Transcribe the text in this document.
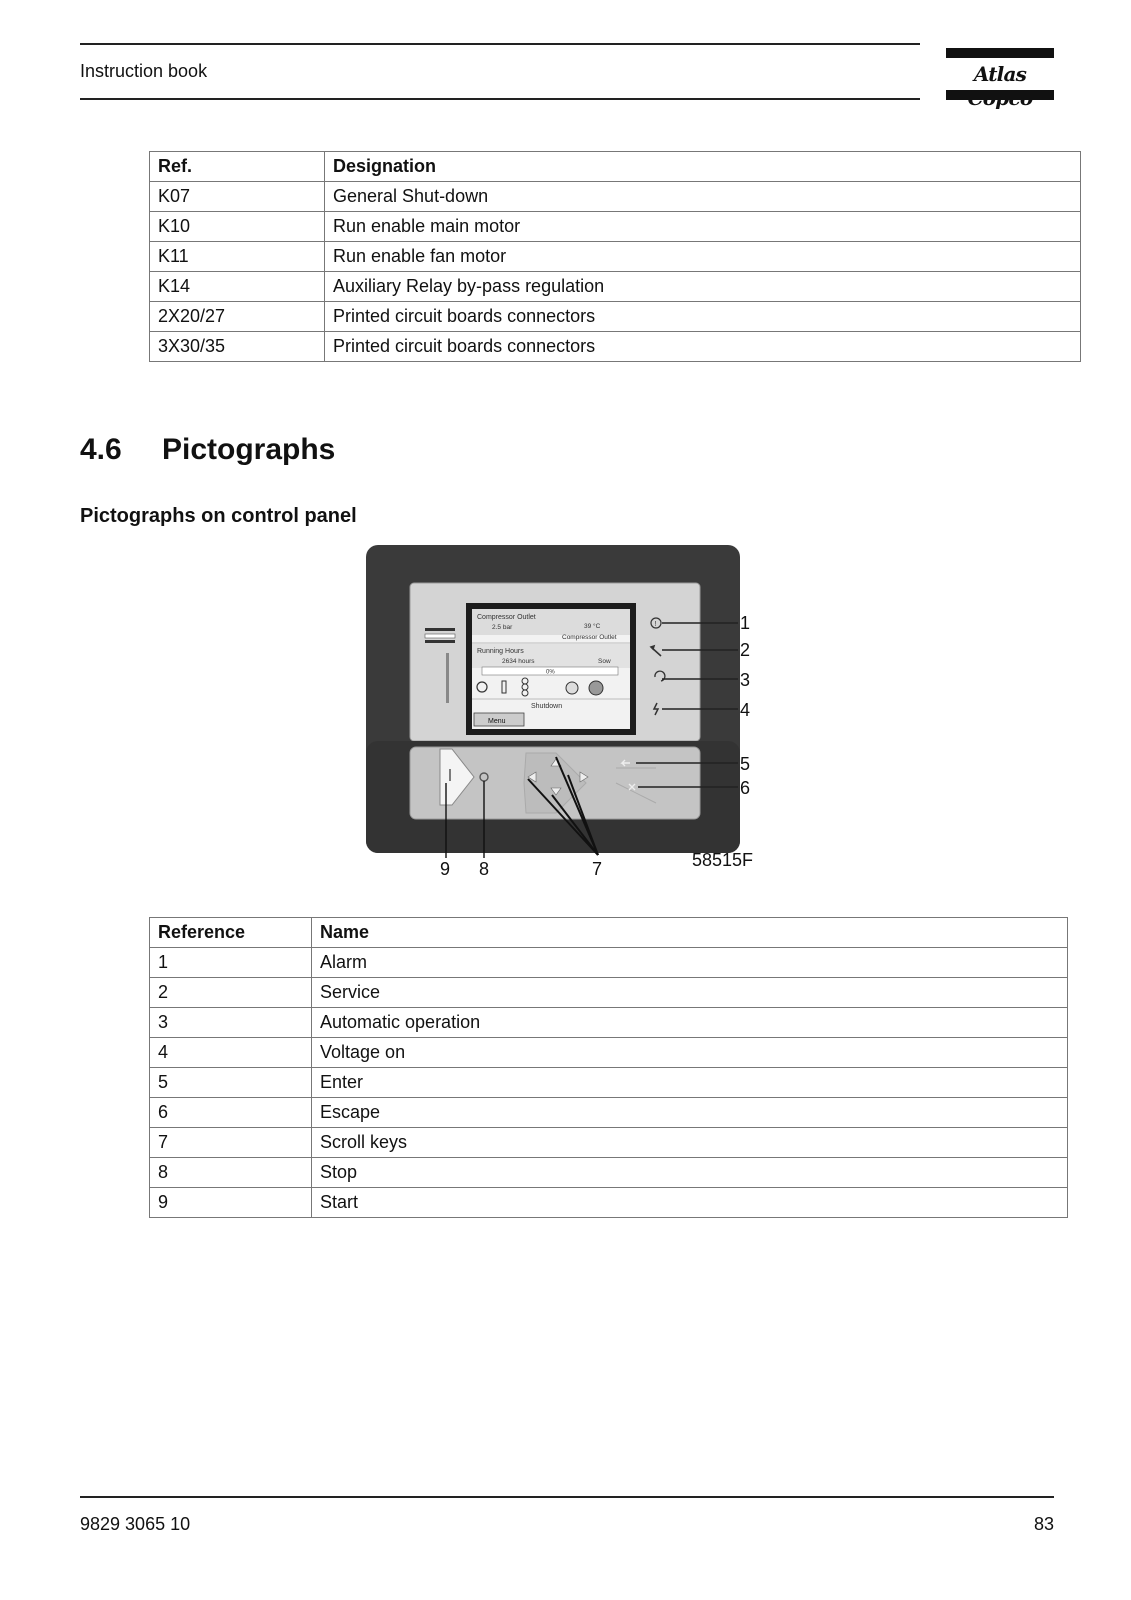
Instruction book	Atlas
Ref.	Designation
K07	General Shut-down
K10	Run enable main motor
K11	Run enable fan motor
K14	Auxiliary Relay by-pass regulation
2X20/27	Printed circuit boards connectors
3X30/35	Printed circuit boards connectors
4.6 Pictographs
Pictographs on control panel
Compressor Outlet
2.5 bar	39 °C
Compressor Outlet
Running Hours
2634 hours	Sow
0%
Shutdown
Menu
!	1
2
3
4
5
6
7
8
9	58515F
Reference	Name
1	Alarm
2	Service
3	Automatic operation
4	Voltage on
5	Enter
6	Escape
7	Scroll keys
8	Stop
9	Start
9829 3065 10	83
